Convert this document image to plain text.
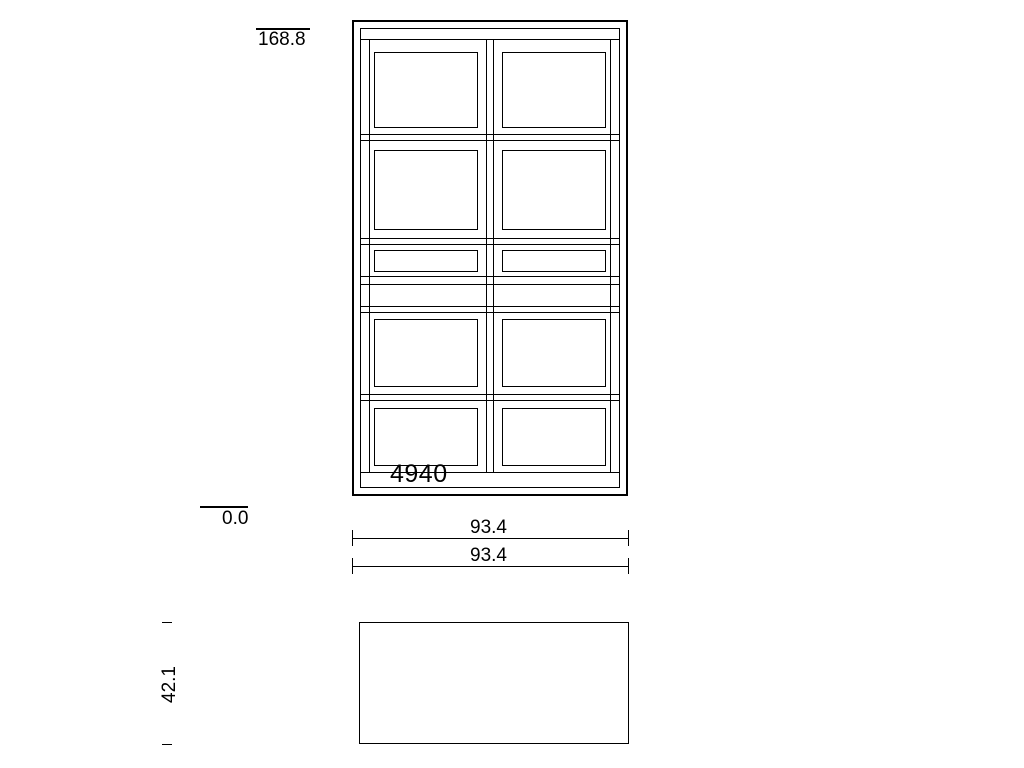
168.8
0.0
4940
93.4
93.4
42.1
